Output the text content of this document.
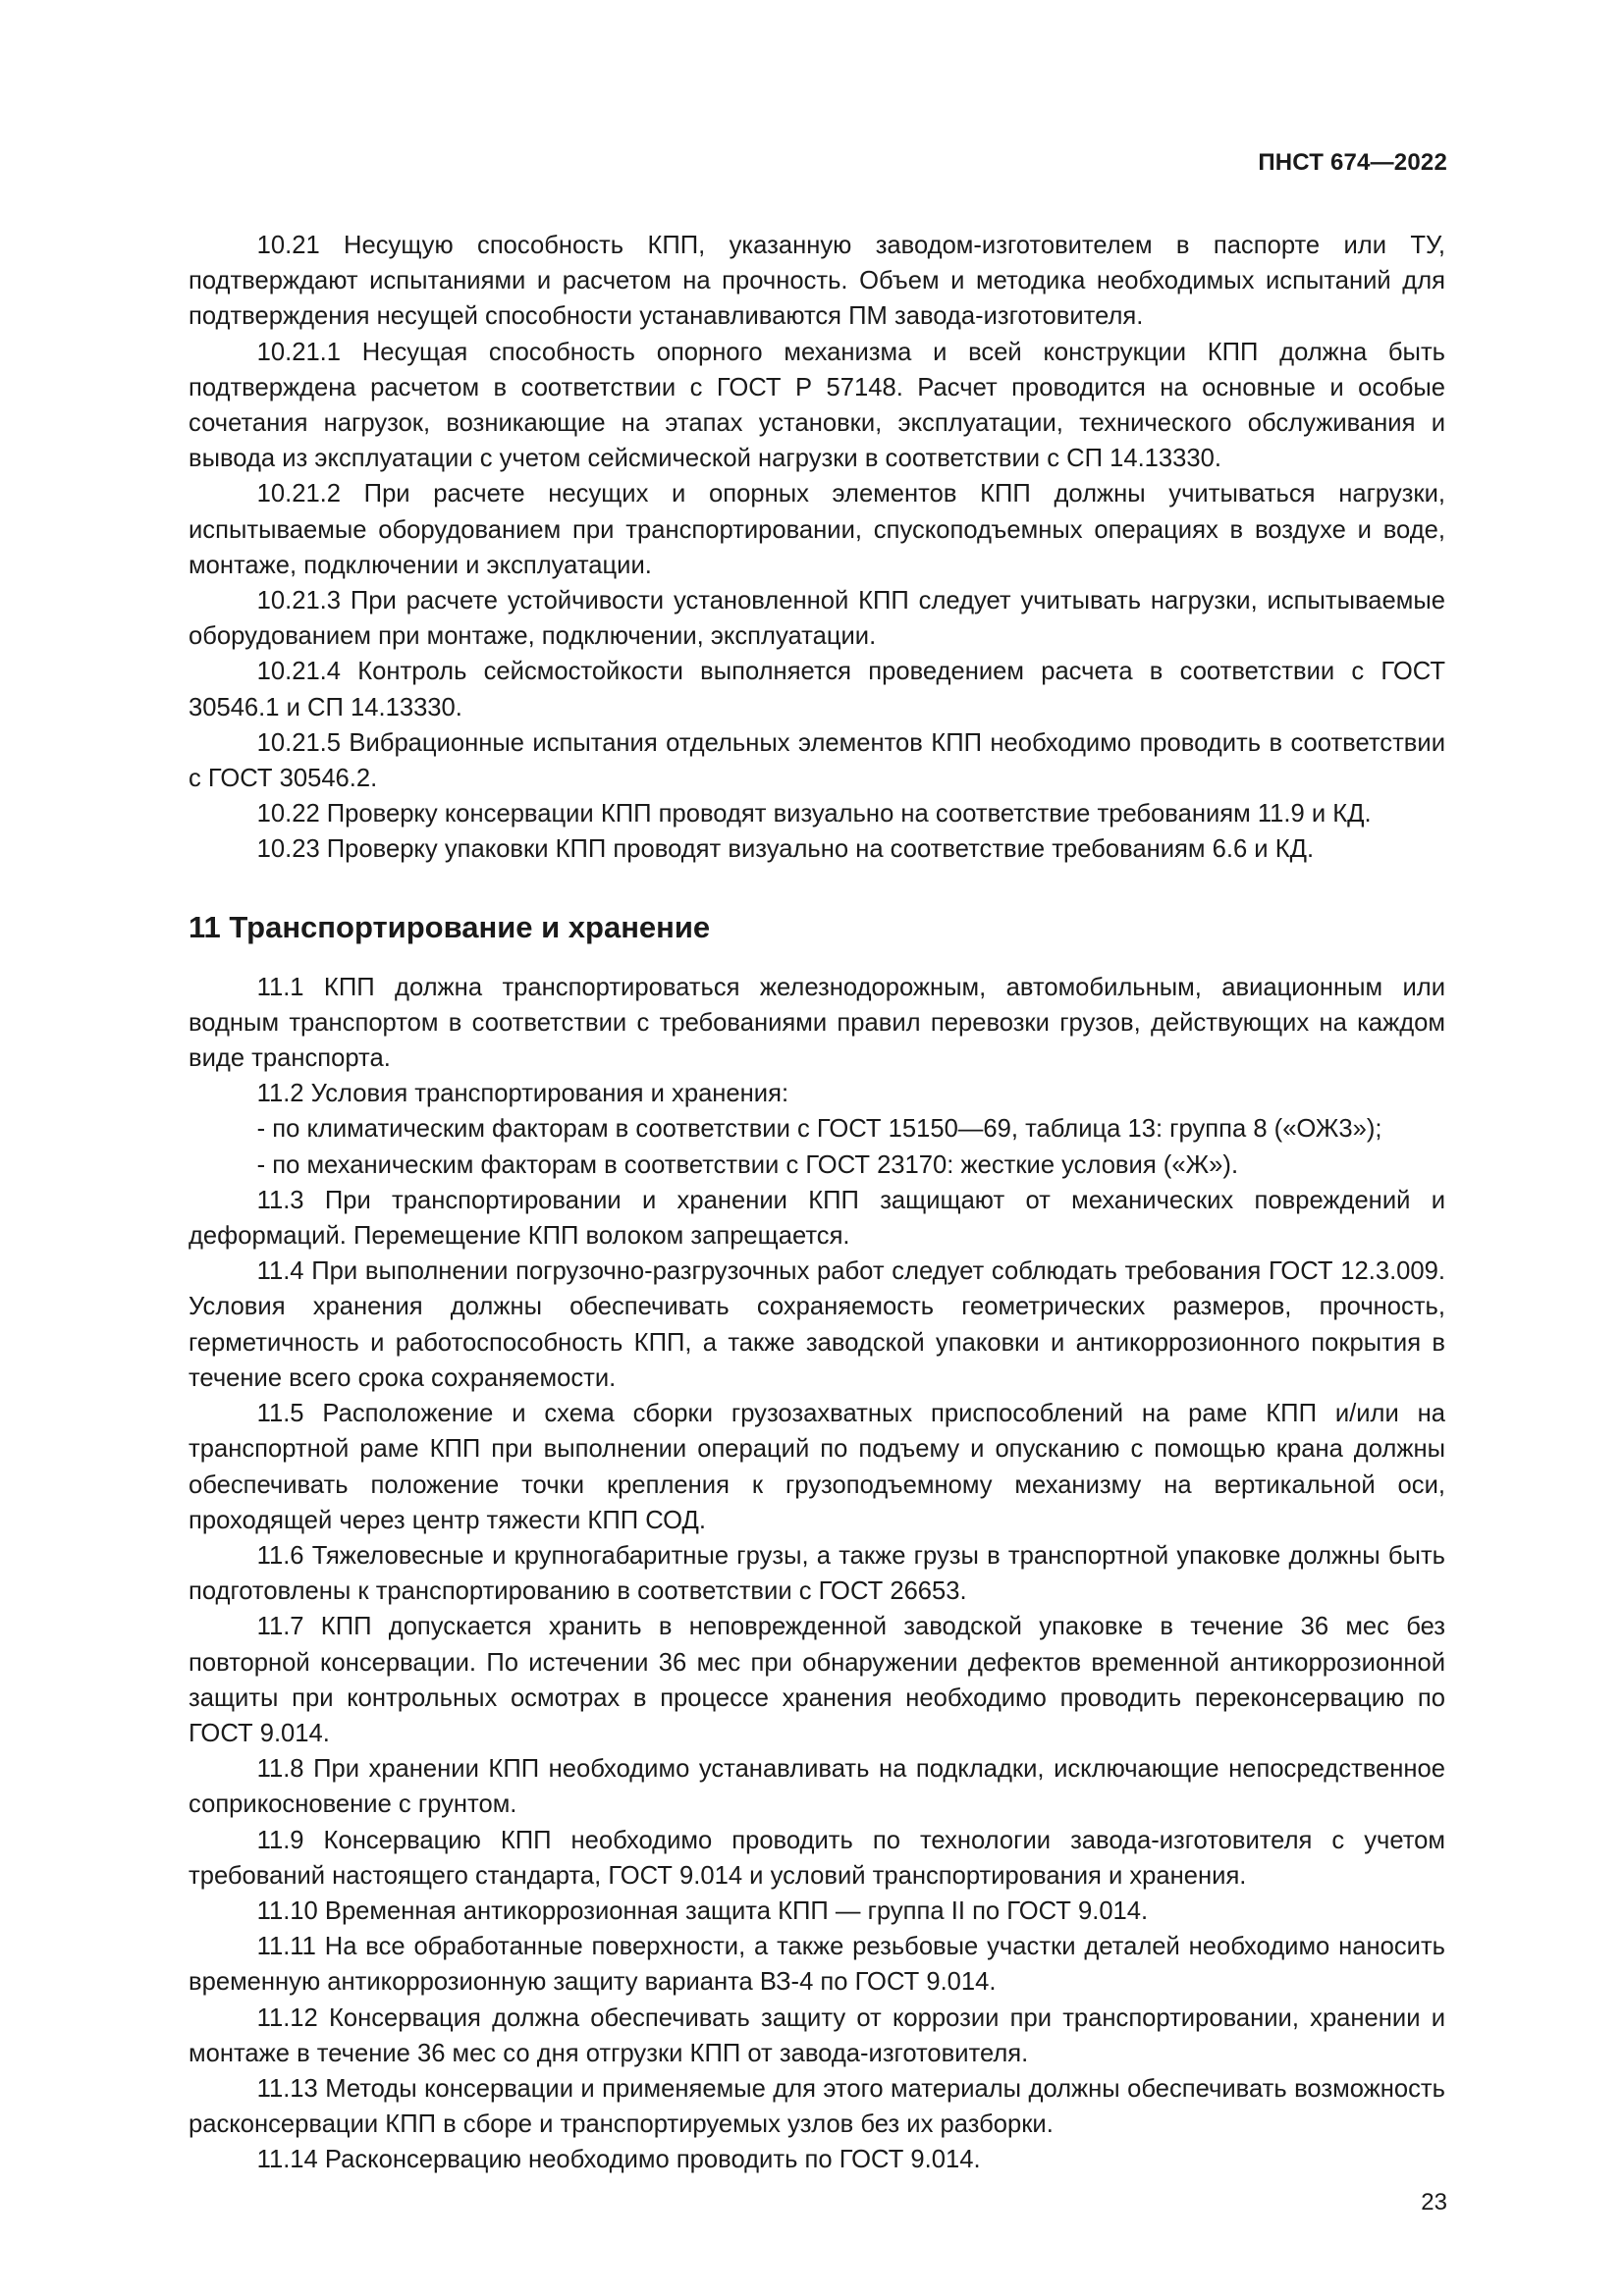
ПНСТ 674—2022

10.21 Несущую способность КПП, указанную заводом-изготовителем в паспорте или ТУ, подтверждают испытаниями и расчетом на прочность. Объем и методика необходимых испытаний для подтверждения несущей способности устанавливаются ПМ завода-изготовителя.

10.21.1 Несущая способность опорного механизма и всей конструкции КПП должна быть подтверждена расчетом в соответствии с ГОСТ Р 57148. Расчет проводится на основные и особые сочетания нагрузок, возникающие на этапах установки, эксплуатации, технического обслуживания и вывода из эксплуатации с учетом сейсмической нагрузки в соответствии с СП 14.13330.

10.21.2 При расчете несущих и опорных элементов КПП должны учитываться нагрузки, испытываемые оборудованием при транспортировании, спускоподъемных операциях в воздухе и воде, монтаже, подключении и эксплуатации.

10.21.3 При расчете устойчивости установленной КПП следует учитывать нагрузки, испытываемые оборудованием при монтаже, подключении, эксплуатации.

10.21.4 Контроль сейсмостойкости выполняется проведением расчета в соответствии с ГОСТ 30546.1 и СП 14.13330.

10.21.5 Вибрационные испытания отдельных элементов КПП необходимо проводить в соответствии с ГОСТ 30546.2.

10.22 Проверку консервации КПП проводят визуально на соответствие требованиям 11.9 и КД.

10.23 Проверку упаковки КПП проводят визуально на соответствие требованиям 6.6 и КД.

11 Транспортирование и хранение

11.1 КПП должна транспортироваться железнодорожным, автомобильным, авиационным или водным транспортом в соответствии с требованиями правил перевозки грузов, действующих на каждом виде транспорта.

11.2 Условия транспортирования и хранения:

- по климатическим факторам в соответствии с ГОСТ 15150—69, таблица 13: группа 8 («ОЖ3»);

- по механическим факторам в соответствии с ГОСТ 23170: жесткие условия («Ж»).

11.3 При транспортировании и хранении КПП защищают от механических повреждений и деформаций. Перемещение КПП волоком запрещается.

11.4 При выполнении погрузочно-разгрузочных работ следует соблюдать требования ГОСТ 12.3.009. Условия хранения должны обеспечивать сохраняемость геометрических размеров, прочность, герметичность и работоспособность КПП, а также заводской упаковки и антикоррозионного покрытия в течение всего срока сохраняемости.

11.5 Расположение и схема сборки грузозахватных приспособлений на раме КПП и/или на транспортной раме КПП при выполнении операций по подъему и опусканию с помощью крана должны обеспечивать положение точки крепления к грузоподъемному механизму на вертикальной оси, проходящей через центр тяжести КПП СОД.

11.6 Тяжеловесные и крупногабаритные грузы, а также грузы в транспортной упаковке должны быть подготовлены к транспортированию в соответствии с ГОСТ 26653.

11.7 КПП допускается хранить в неповрежденной заводской упаковке в течение 36 мес без повторной консервации. По истечении 36 мес при обнаружении дефектов временной антикоррозионной защиты при контрольных осмотрах в процессе хранения необходимо проводить переконсервацию по ГОСТ 9.014.

11.8 При хранении КПП необходимо устанавливать на подкладки, исключающие непосредственное соприкосновение с грунтом.

11.9 Консервацию КПП необходимо проводить по технологии завода-изготовителя с учетом требований настоящего стандарта, ГОСТ 9.014 и условий транспортирования и хранения.

11.10 Временная антикоррозионная защита КПП — группа II по ГОСТ 9.014.

11.11 На все обработанные поверхности, а также резьбовые участки деталей необходимо наносить временную антикоррозионную защиту варианта ВЗ-4 по ГОСТ 9.014.

11.12 Консервация должна обеспечивать защиту от коррозии при транспортировании, хранении и монтаже в течение 36 мес со дня отгрузки КПП от завода-изготовителя.

11.13 Методы консервации и применяемые для этого материалы должны обеспечивать возможность расконсервации КПП в сборе и транспортируемых узлов без их разборки.

11.14 Расконсервацию необходимо проводить по ГОСТ 9.014.

23
